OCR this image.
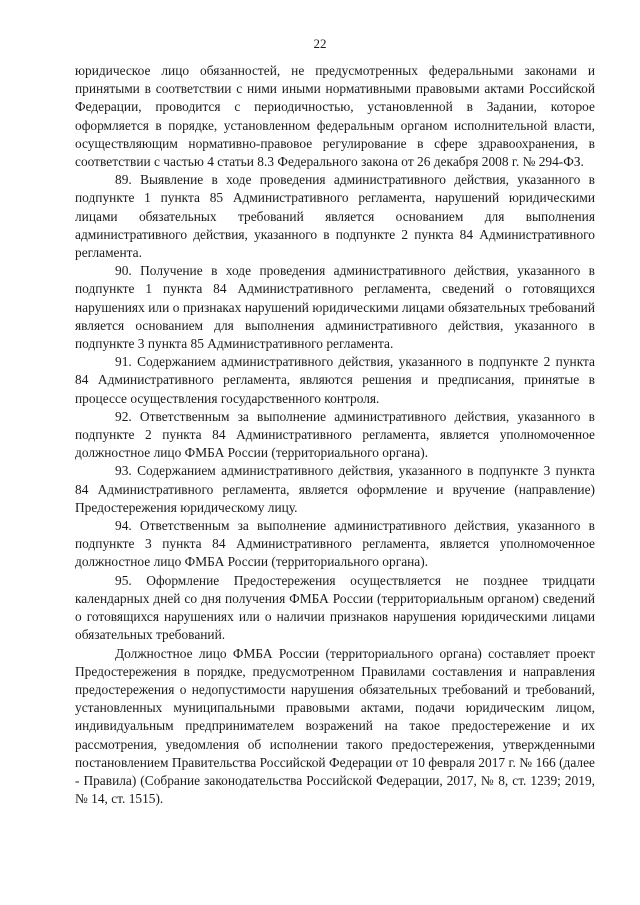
22

юридическое лицо обязанностей, не предусмотренных федеральными законами и принятыми в соответствии с ними иными нормативными правовыми актами Российской Федерации, проводится с периодичностью, установленной в Задании, которое оформляется в порядке, установленном федеральным органом исполнительной власти, осуществляющим нормативно-правовое регулирование в сфере здравоохранения, в соответствии с частью 4 статьи 8.3 Федерального закона от 26 декабря 2008 г. № 294-ФЗ.

89. Выявление в ходе проведения административного действия, указанного в подпункте 1 пункта 85 Административного регламента, нарушений юридическими лицами обязательных требований является основанием для выполнения административного действия, указанного в подпункте 2 пункта 84 Административного регламента.

90. Получение в ходе проведения административного действия, указанного в подпункте 1 пункта 84 Административного регламента, сведений о готовящихся нарушениях или о признаках нарушений юридическими лицами обязательных требований является основанием для выполнения административного действия, указанного в подпункте 3 пункта 85 Административного регламента.

91. Содержанием административного действия, указанного в подпункте 2 пункта 84 Административного регламента, являются решения и предписания, принятые в процессе осуществления государственного контроля.

92. Ответственным за выполнение административного действия, указанного в подпункте 2 пункта 84 Административного регламента, является уполномоченное должностное лицо ФМБА России (территориального органа).

93. Содержанием административного действия, указанного в подпункте 3 пункта 84 Административного регламента, является оформление и вручение (направление) Предостережения юридическому лицу.

94. Ответственным за выполнение административного действия, указанного в подпункте 3 пункта 84 Административного регламента, является уполномоченное должностное лицо ФМБА России (территориального органа).

95. Оформление Предостережения осуществляется не позднее тридцати календарных дней со дня получения ФМБА России (территориальным органом) сведений о готовящихся нарушениях или о наличии признаков нарушения юридическими лицами обязательных требований.

Должностное лицо ФМБА России (территориального органа) составляет проект Предостережения в порядке, предусмотренном Правилами составления и направления предостережения о недопустимости нарушения обязательных требований и требований, установленных муниципальными правовыми актами, подачи юридическим лицом, индивидуальным предпринимателем возражений на такое предостережение и их рассмотрения, уведомления об исполнении такого предостережения, утвержденными постановлением Правительства Российской Федерации от 10 февраля 2017 г. № 166 (далее - Правила) (Собрание законодательства Российской Федерации, 2017, № 8, ст. 1239; 2019, № 14, ст. 1515).
